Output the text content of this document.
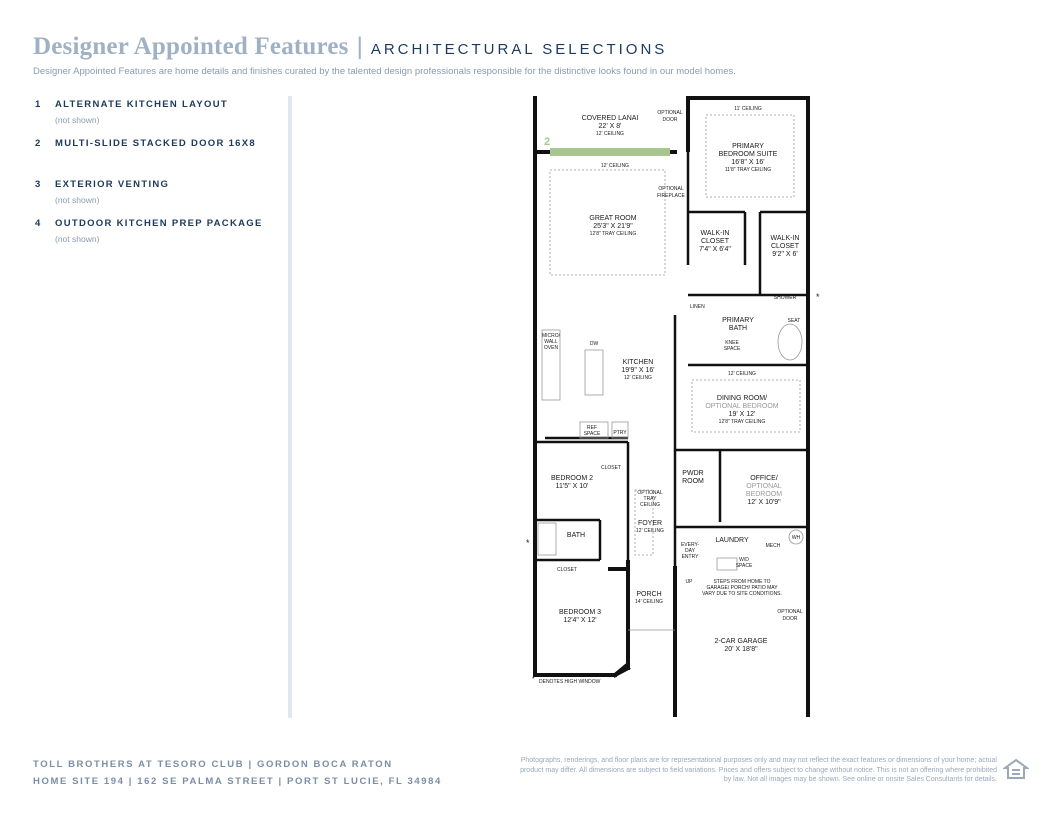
Designer Appointed Features | ARCHITECTURAL SELECTIONS
Designer Appointed Features are home details and finishes curated by the talented design professionals responsible for the distinctive looks found in our model homes.
1	ALTERNATE KITCHEN LAYOUT
(not shown)
2	MULTI-SLIDE STACKED DOOR 16X8
3	EXTERIOR VENTING
(not shown)
4	OUTDOOR KITCHEN PREP PACKAGE
(not shown)
2
COVERED LANAI
22' X 8'
12' CEILING
OPTIONAL
DOOR
12' CEILING
GREAT ROOM
25'3" X 21'9"
12'8" TRAY CEILING
OPTIONAL
FIREPLACE
11' CEILING
PRIMARY
BEDROOM SUITE
16'8" X 16'
11'8" TRAY CEILING
WALK-IN
CLOSET
7'4" X 6'4"
WALK-IN
CLOSET
9'2" X 6'
SHOWER
SEAT
LINEN
PRIMARY
BATH
KNEE
SPACE
KITCHEN
19'9" X 16'
12' CEILING
MICRO/
WALL
OVEN
DW
REF
SPACE	PTRY
12' CEILING
DINING ROOM/
OPTIONAL BEDROOM
19' X 12'
12'8" TRAY CEILING
BEDROOM 2
11'5" X 10'
CLOSET
OPTIONAL
TRAY
CEILING
PWDR
ROOM	OFFICE/
OPTIONAL
BEDROOM
12' X 10'9"
FOYER
12' CEILING
BATH
EVERY-
DAY
ENTRY
LAUNDRY
MECH
WH
W/D
SPACE
CLOSET
UP	STEPS FROM HOME TO
GARAGE/ PORCH/ PATIO MAY
VARY DUE TO SITE CONDITIONS.
PORCH
14' CEILING
BEDROOM 3
12'4" X 12'
2-CAR GARAGE
20' X 18'8"
OPTIONAL
DOOR
*
*
* DENOTES HIGH WINDOW
TOLL BROTHERS AT TESORO CLUB | GORDON BOCA RATON
HOME SITE 194 | 162 SE PALMA STREET | PORT ST LUCIE, FL 34984
Photographs, renderings, and floor plans are for representational purposes only and may not reflect the exact features or dimensions of your home; actual product may differ. All dimensions are subject to field variations. Prices and offers subject to change without notice. This is not an offering where prohibited by law. Not all images may be shown. See online or onsite Sales Consultants for details.
